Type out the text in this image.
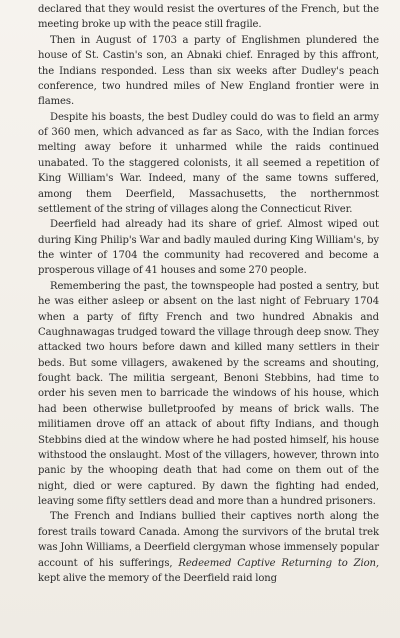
declared that they would resist the overtures of the French, but the meeting broke up with the peace still fragile.

Then in August of 1703 a party of Englishmen plundered the house of St. Castin's son, an Abnaki chief. Enraged by this affront, the Indians responded. Less than six weeks after Dudley's peach conference, two hundred miles of New England frontier were in flames.

Despite his boasts, the best Dudley could do was to field an army of 360 men, which advanced as far as Saco, with the Indian forces melting away before it unharmed while the raids continued unabated. To the staggered colonists, it all seemed a repetition of King William's War. Indeed, many of the same towns suffered, among them Deerfield, Massachusetts, the northernmost settlement of the string of villages along the Connecticut River.

Deerfield had already had its share of grief. Almost wiped out during King Philip's War and badly mauled during King William's, by the winter of 1704 the community had recovered and become a prosperous village of 41 houses and some 270 people.

Remembering the past, the townspeople had posted a sentry, but he was either asleep or absent on the last night of February 1704 when a party of fifty French and two hundred Abnakis and Caughnawagas trudged toward the village through deep snow. They attacked two hours before dawn and killed many settlers in their beds. But some villagers, awakened by the screams and shouting, fought back. The militia sergeant, Benoni Stebbins, had time to order his seven men to barricade the windows of his house, which had been otherwise bulletproofed by means of brick walls. The militiamen drove off an attack of about fifty Indians, and though Stebbins died at the window where he had posted himself, his house withstood the onslaught. Most of the villagers, however, thrown into panic by the whooping death that had come on them out of the night, died or were captured. By dawn the fighting had ended, leaving some fifty settlers dead and more than a hundred prisoners.

The French and Indians bullied their captives north along the forest trails toward Canada. Among the survivors of the brutal trek was John Williams, a Deerfield clergyman whose immensely popular account of his sufferings, Redeemed Captive Returning to Zion, kept alive the memory of the Deerfield raid long
